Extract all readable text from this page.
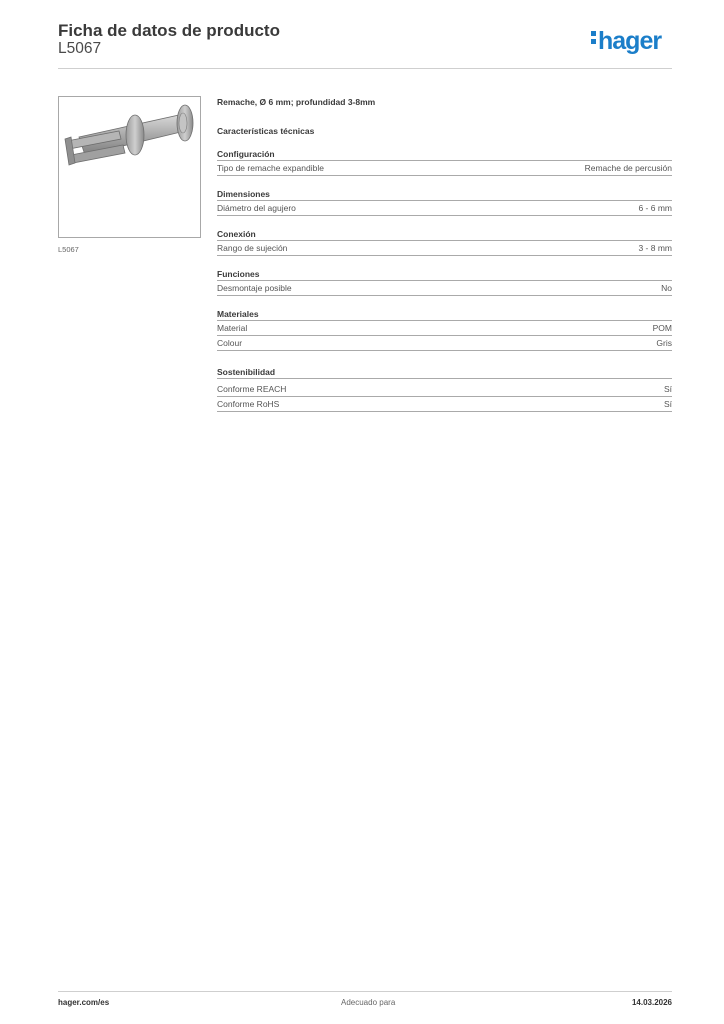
Ficha de datos de producto
L5067	hager
L5067
Remache, Ø 6 mm; profundidad 3-8mm
Características técnicas
Configuración
Tipo de remache expandible	Remache de percusión
Dimensiones
Diámetro del agujero	6 - 6 mm
Conexión
Rango de sujeción	3 - 8 mm
Funciones
Desmontaje posible	No
Materiales
Material	POM
Colour	Gris
Sostenibilidad
Conforme REACH	Sí
Conforme RoHS	Sí
hager.com/es	Adecuado para	14.03.2026
